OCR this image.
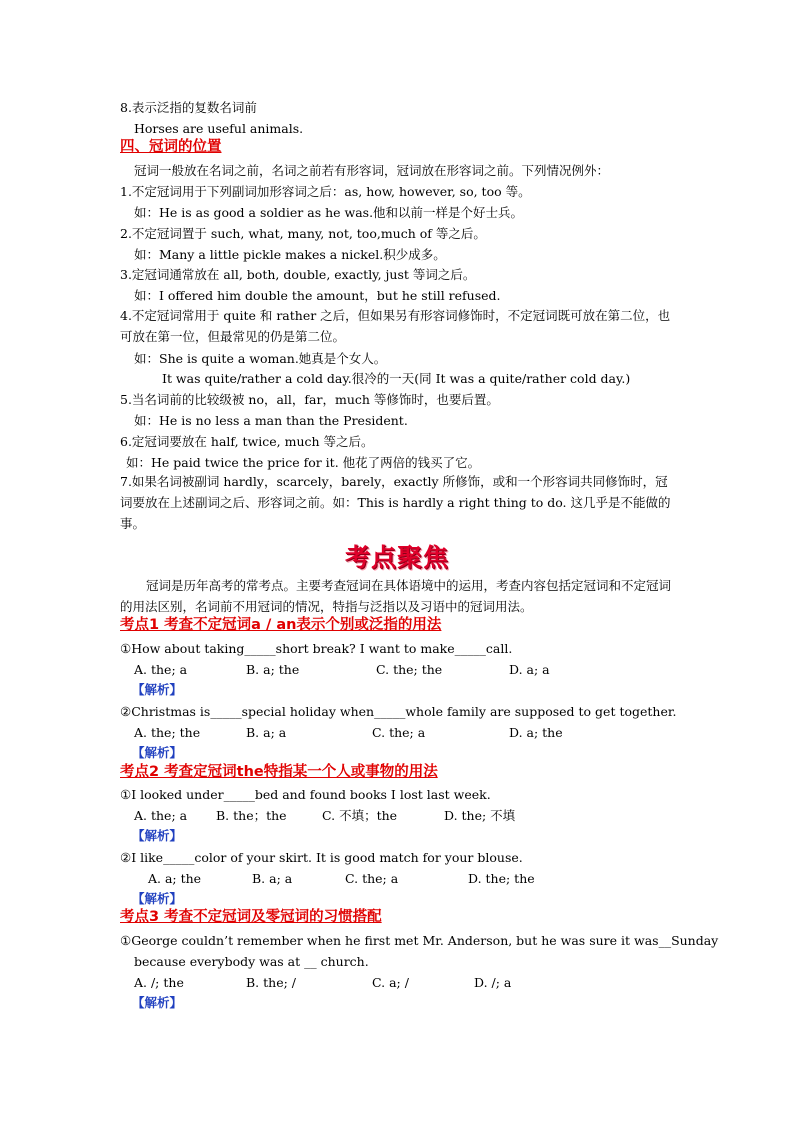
8.表示泛指的复数名词前
Horses are useful animals.
四、冠词的位置
冠词一般放在名词之前，名词之前若有形容词，冠词放在形容词之前。下列情况例外：
1.不定冠词用于下列副词加形容词之后：as, how, however, so, too 等。
如：He is as good a soldier as he was.他和以前一样是个好士兵。
2.不定冠词置于 such, what, many, not, too,much of 等之后。
如：Many a little pickle makes a nickel.积少成多。
3.定冠词通常放在 all, both, double, exactly, just 等词之后。
如：I offered him double the amount，but he still refused.
4.不定冠词常用于 quite 和 rather 之后，但如果另有形容词修饰时，不定冠词既可放在第二位，也可放在第一位，但最常见的仍是第二位。
如：She is quite a woman.她真是个女人。
It was quite/rather a cold day.很冷的一天(同 It was a quite/rather cold day.)
5.当名词前的比较级被 no，all，far，much 等修饰时，也要后置。
如：He is no less a man than the President.
6.定冠词要放在 half, twice, much 等之后。
如：He paid twice the price for it. 他花了两倍的钱买了它。
7.如果名词被副词 hardly，scarcely，barely，exactly 所修饰，或和一个形容词共同修饰时，冠词要放在上述副词之后、形容词之前。如：This is hardly a right thing to do. 这几乎是不能做的事。
考点聚焦
冠词是历年高考的常考点。主要考查冠词在具体语境中的运用，考查内容包括定冠词和不定冠词的用法区别，名词前不用冠词的情况，特指与泛指以及习语中的冠词用法。
考点1 考查不定冠词a / an表示个别或泛指的用法
①How about taking_____short break? I want to make_____call.
A. the; a	B. a; the	C. the; the	D. a; a
【解析】
②Christmas is_____special holiday when_____whole family are supposed to get together.
A. the; the	B. a; a	C. the; a	D. a; the
【解析】
考点2 考查定冠词the特指某一个人或事物的用法
①I looked under_____bed and found books I lost last week.
A. the; a B. the；the	C. 不填；the	D. the; 不填
【解析】
②I like_____color of your skirt. It is good match for your blouse.
A. a; the	B. a; a	C. the; a	D. the; the
【解析】
考点3 考查不定冠词及零冠词的习惯搭配
①George couldn’t remember when he first met Mr. Anderson, but he was sure it was__Sunday
because everybody was at __ church.
A. /; the	B. the; /	C. a; /	D. /; a
【解析】
